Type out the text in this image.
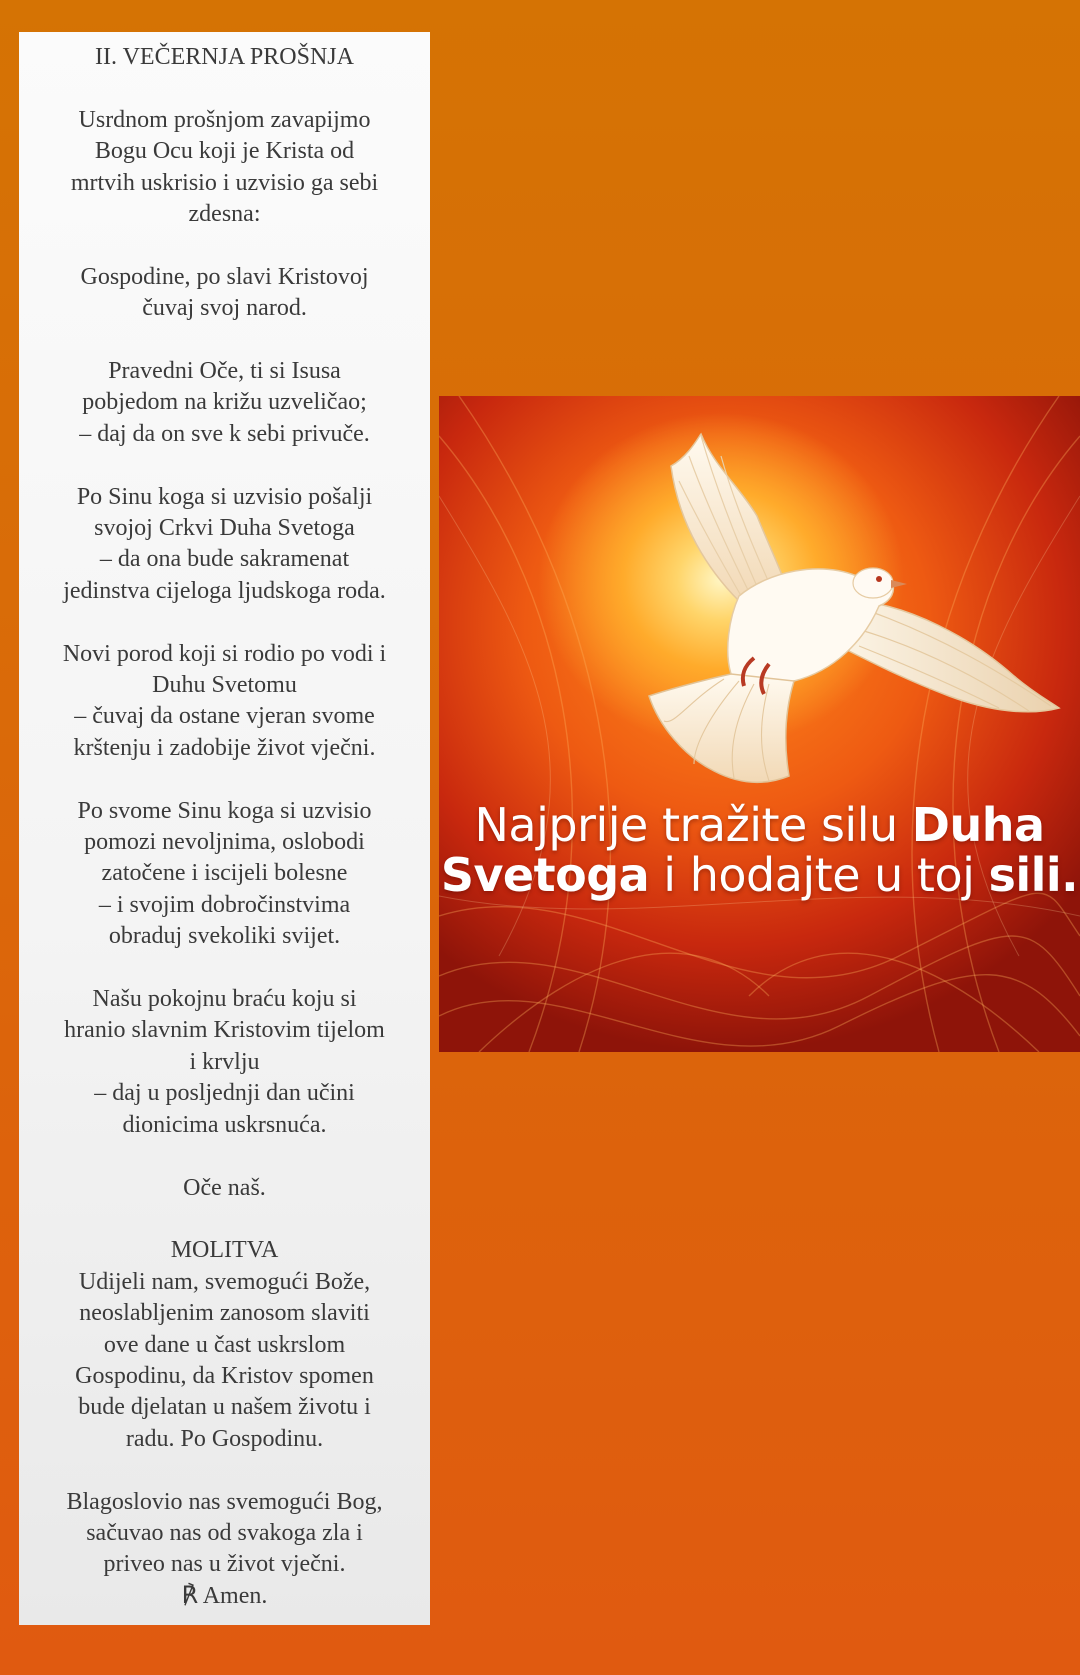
II. VEČERNJA PROŠNJA
Usrdnom prošnjom zavapijmo
Bogu Ocu koji je Krista od
mrtvih uskrisio i uzvisio ga sebi
zdesna:
Gospodine, po slavi Kristovoj
čuvaj svoj narod.
Pravedni Oče, ti si Isusa
pobjedom na križu uzveličao;
– daj da on sve k sebi privuče.
Po Sinu koga si uzvisio pošalji
svojoj Crkvi Duha Svetoga
– da ona bude sakramenat
jedinstva cijeloga ljudskoga roda.
Novi porod koji si rodio po vodi i
Duhu Svetomu
– čuvaj da ostane vjeran svome
krštenju i zadobije život vječni.
Po svome Sinu koga si uzvisio
pomozi nevoljnima, oslobodi
zatočene i iscijeli bolesne
– i svojim dobročinstvima
obraduj svekoliki svijet.
Našu pokojnu braću koju si
hranio slavnim Kristovim tijelom
i krvlju
– daj u posljednji dan učini
dionicima uskrsnuća.
Oče naš.
MOLITVA
Udijeli nam, svemogući Bože,
neoslabljenim zanosom slaviti
ove dane u čast uskrslom
Gospodinu, da Kristov spomen
bude djelatan u našem životu i
radu. Po Gospodinu.
Blagoslovio nas svemogući Bog,
sačuvao nas od svakoga zla i
priveo nas u život vječni.
℟ Amen.
Najprije tražite silu Duha
Svetoga i hodajte u toj sili.
